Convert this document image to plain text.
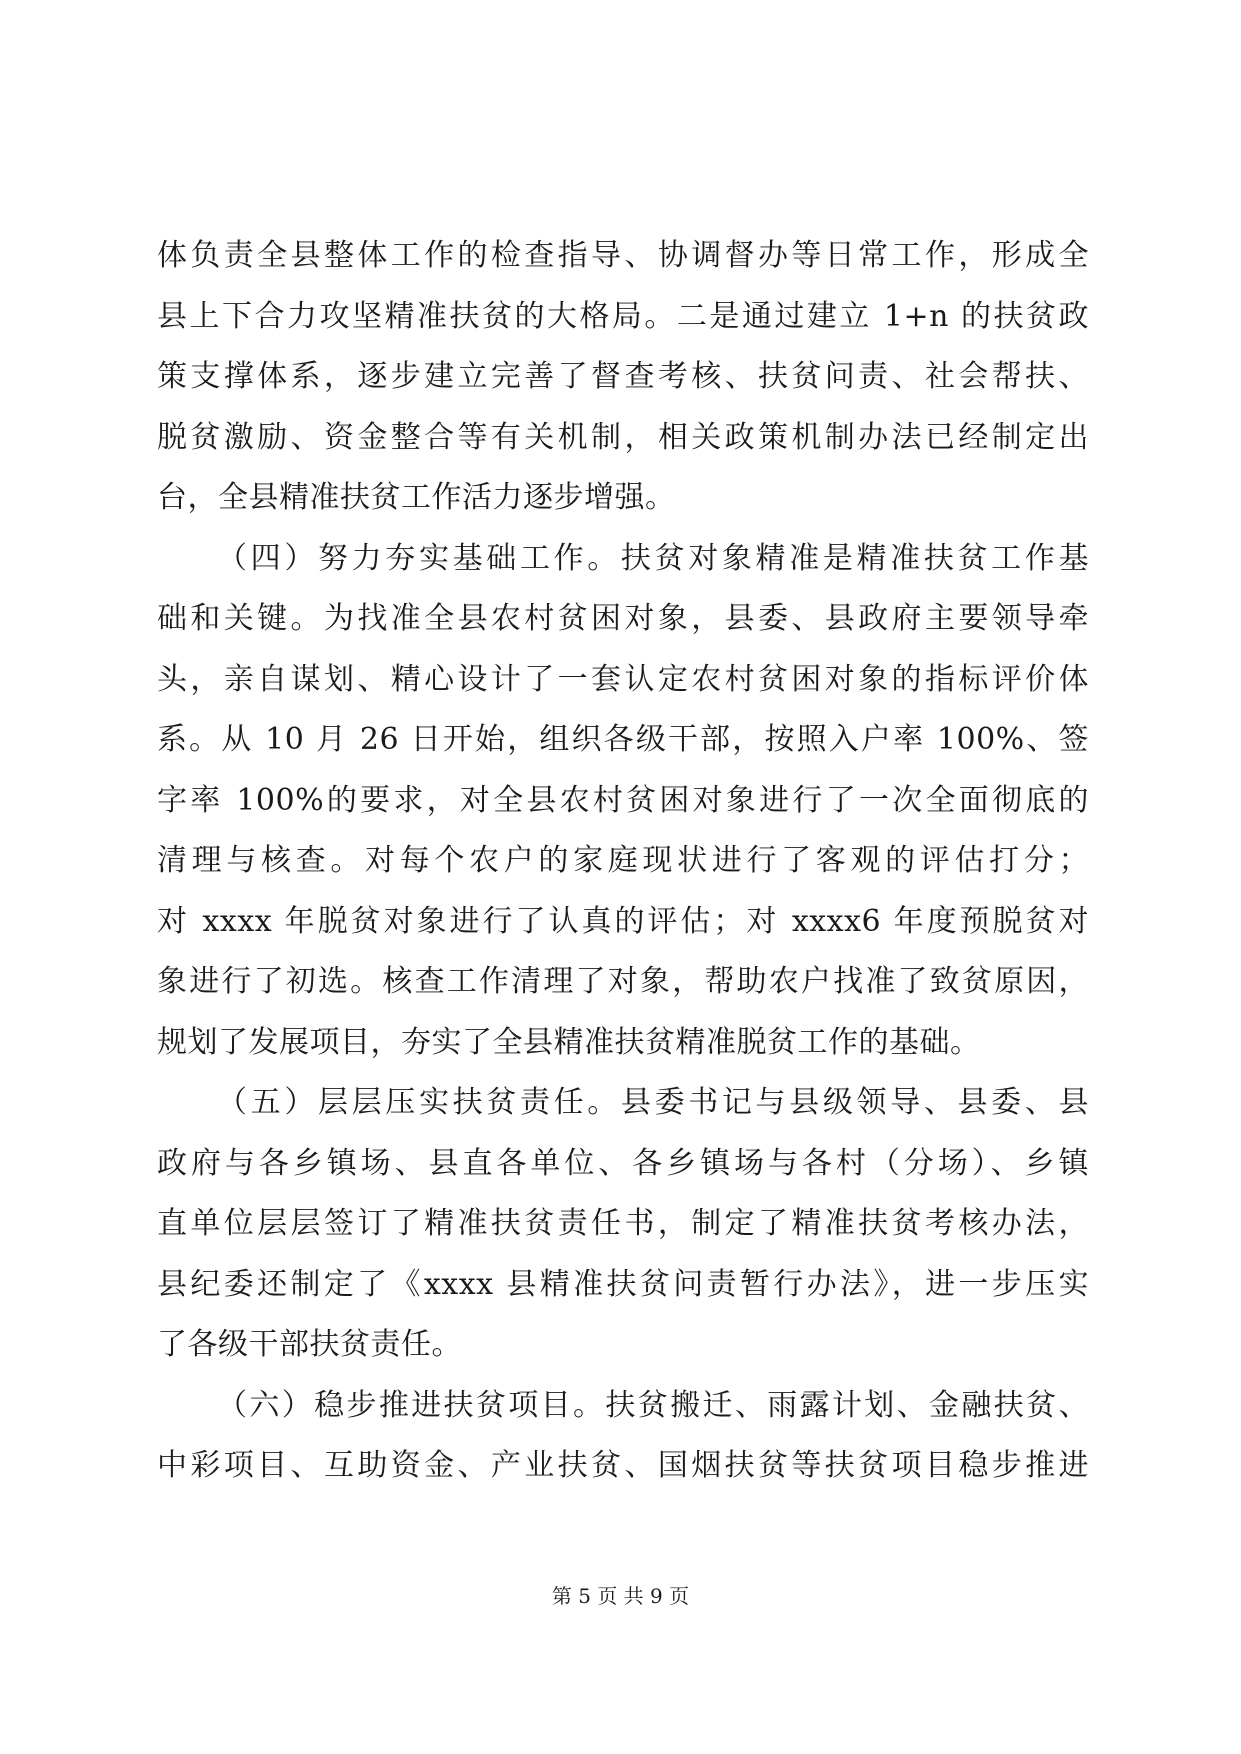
体负责全县整体工作的检查指导、协调督办等日常工作，形成全
县上下合力攻坚精准扶贫的大格局。二是通过建立 1+n 的扶贫政
策支撑体系，逐步建立完善了督查考核、扶贫问责、社会帮扶、
脱贫激励、资金整合等有关机制，相关政策机制办法已经制定出
台，全县精准扶贫工作活力逐步增强。
（四）努力夯实基础工作。扶贫对象精准是精准扶贫工作基
础和关键。为找准全县农村贫困对象，县委、县政府主要领导牵
头，亲自谋划、精心设计了一套认定农村贫困对象的指标评价体
系。从 10 月 26 日开始，组织各级干部，按照入户率 100%、签
字率 100%的要求，对全县农村贫困对象进行了一次全面彻底的
清理与核查。对每个农户的家庭现状进行了客观的评估打分；
对 xxxx 年脱贫对象进行了认真的评估；对 xxxx6 年度预脱贫对
象进行了初选。核查工作清理了对象，帮助农户找准了致贫原因，
规划了发展项目，夯实了全县精准扶贫精准脱贫工作的基础。
（五）层层压实扶贫责任。县委书记与县级领导、县委、县
政府与各乡镇场、县直各单位、各乡镇场与各村（分场）、乡镇
直单位层层签订了精准扶贫责任书，制定了精准扶贫考核办法，
县纪委还制定了《xxxx 县精准扶贫问责暂行办法》，进一步压实
了各级干部扶贫责任。
（六）稳步推进扶贫项目。扶贫搬迁、雨露计划、金融扶贫、
中彩项目、互助资金、产业扶贫、国烟扶贫等扶贫项目稳步推进
第 5 页 共 9 页
